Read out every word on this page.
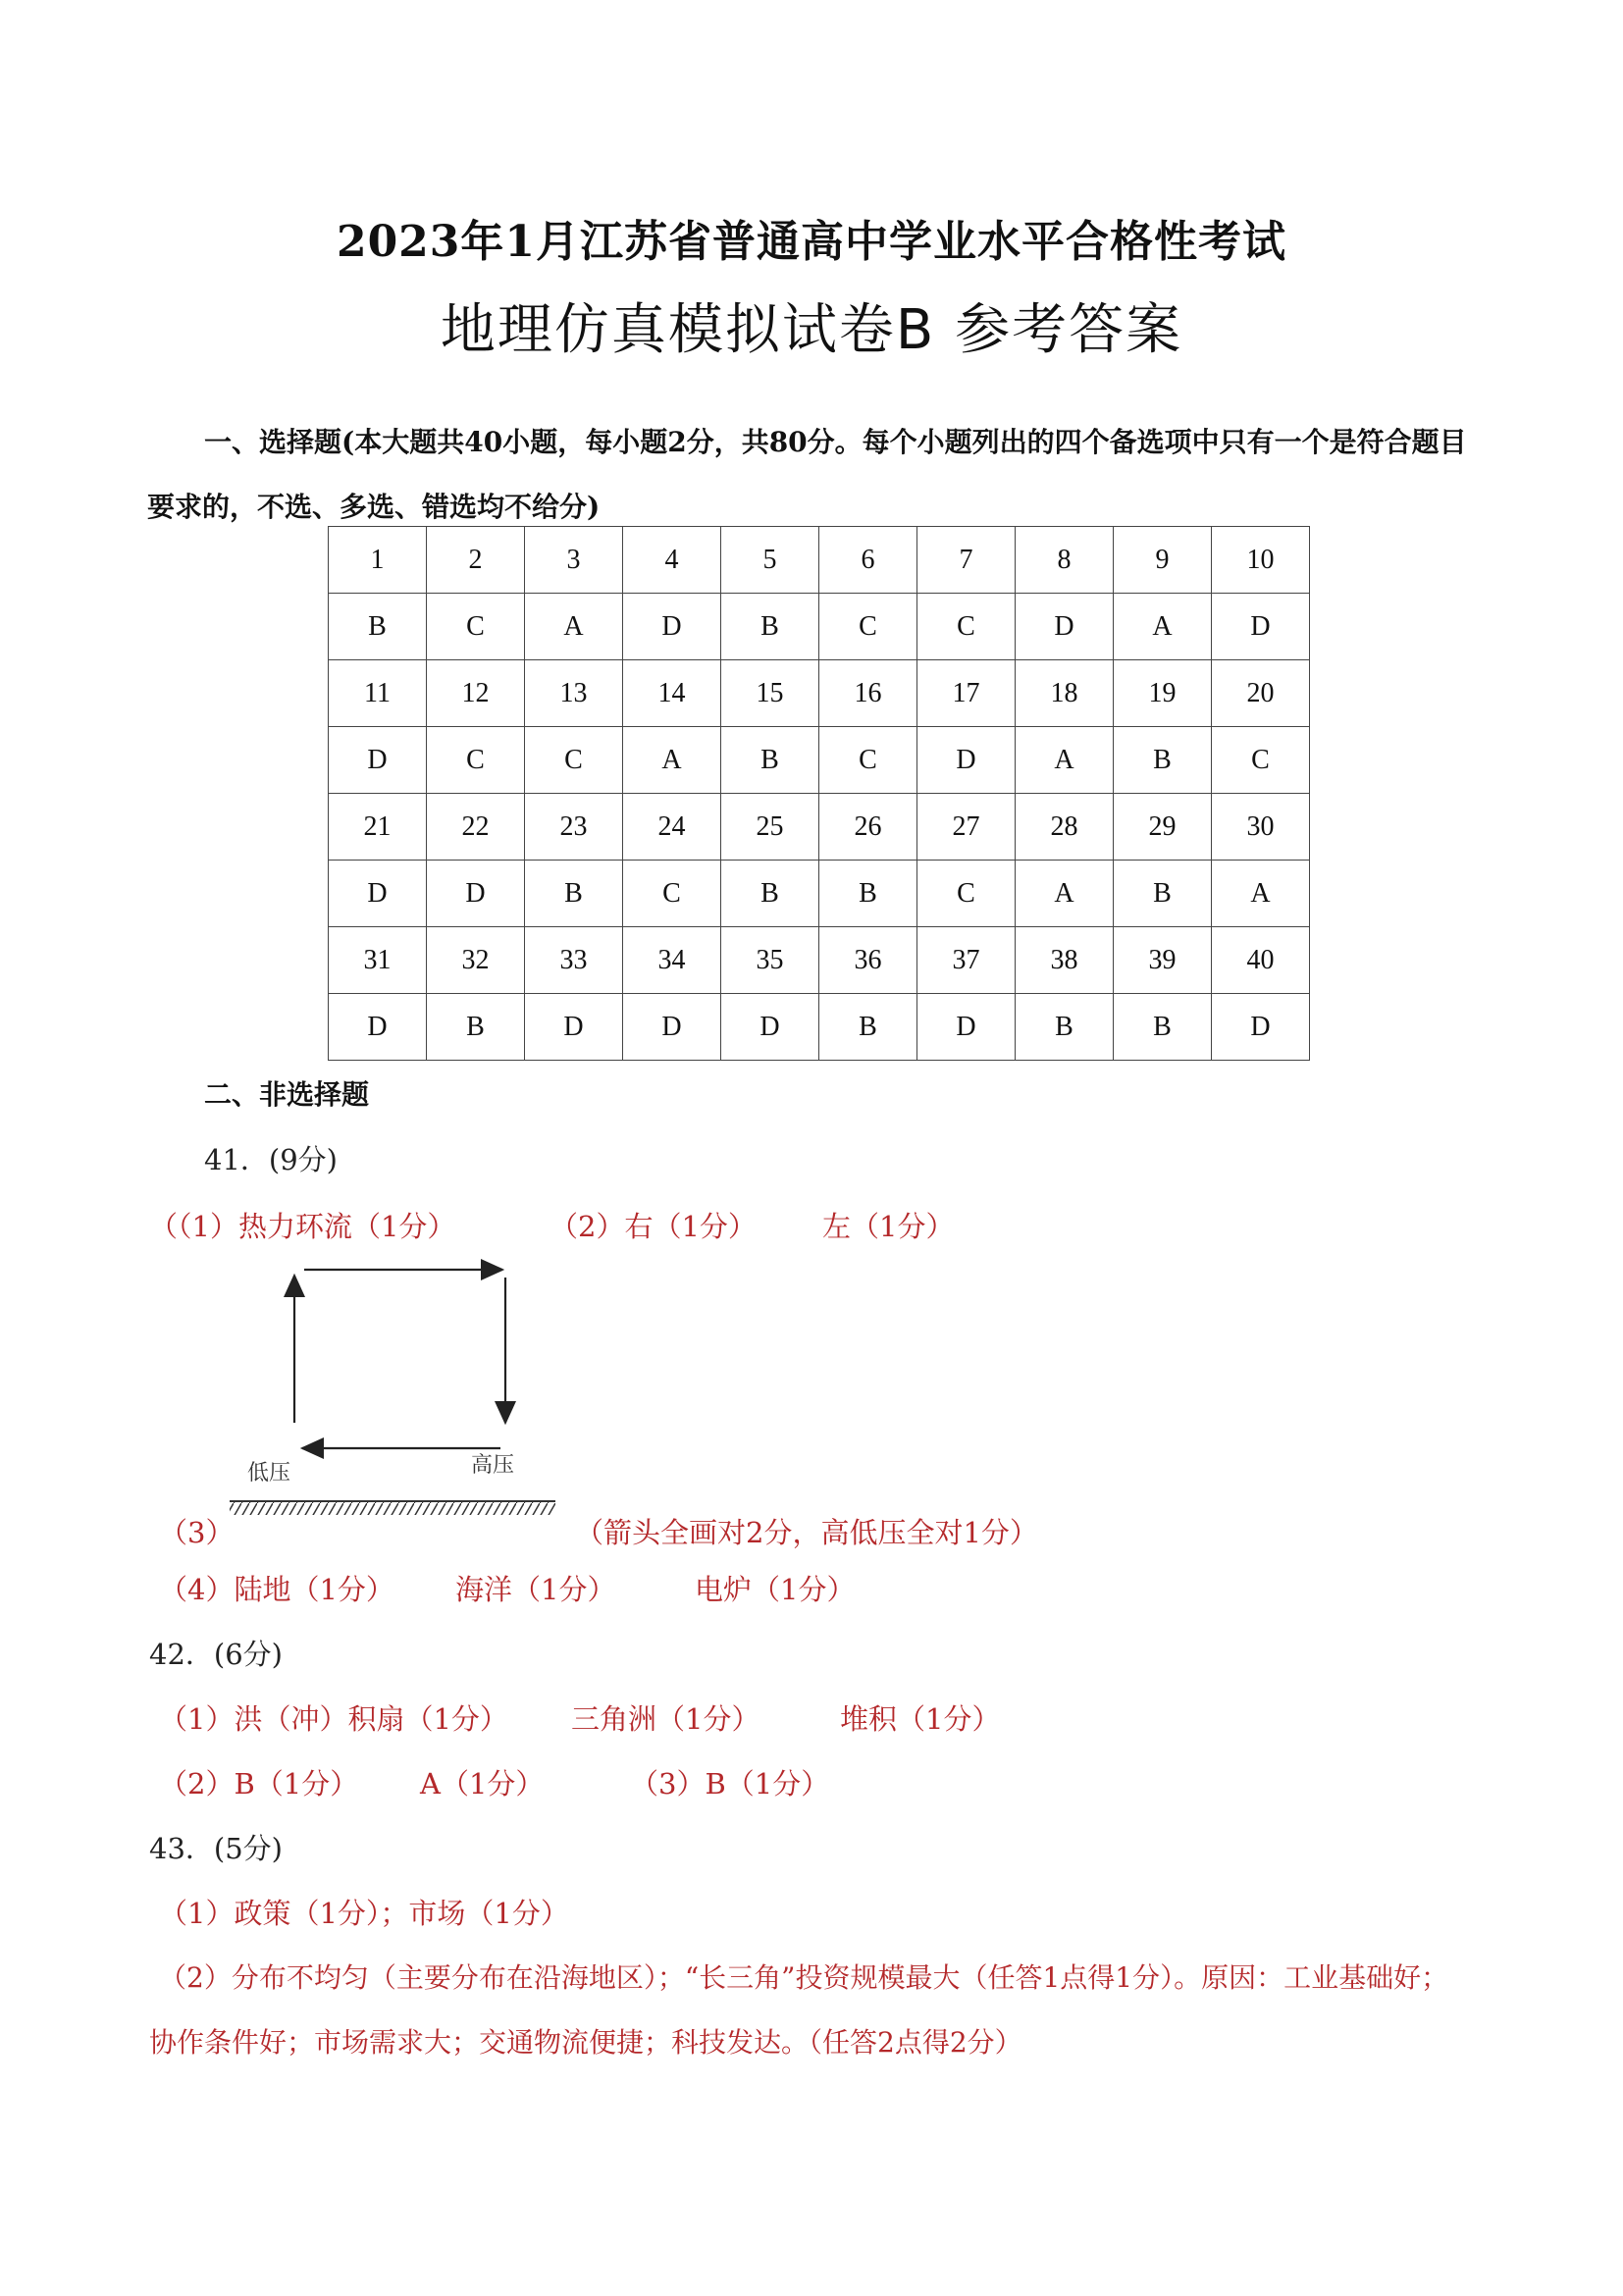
2023年1月江苏省普通高中学业水平合格性考试
地理仿真模拟试卷B 参考答案
一、选择题(本大题共40小题，每小题2分，共80分。每个小题列出的四个备选项中只有一个是符合题目要求的，不选、多选、错选均不给分)
1	2	3	4	5	6	7	8	9	10
B	C	A	D	B	C	C	D	A	D
11	12	13	14	15	16	17	18	19	20
D	C	C	A	B	C	D	A	B	C
21	22	23	24	25	26	27	28	29	30
D	D	B	C	B	B	C	A	B	A
31	32	33	34	35	36	37	38	39	40
D	B	D	D	D	B	D	B	B	D
二、非选择题
41．(9分)
（（1）热力环流（1分）	（2）右（1分） 左（1分）
低压	高压
（3）	（箭头全画对2分，高低压全对1分）
（4）陆地（1分） 海洋（1分）	电炉（1分）
42．(6分)
（1）洪（冲）积扇（1分） 三角洲（1分）	堆积（1分）
（2）B（1分） A（1分）	（3）B（1分）
43．(5分)
（1）政策（1分）；市场（1分）
（2）分布不均匀（主要分布在沿海地区）；“长三角”投资规模最大（任答1点得1分）。原因：工业基础好；
协作条件好；市场需求大；交通物流便捷；科技发达。（任答2点得2分）
